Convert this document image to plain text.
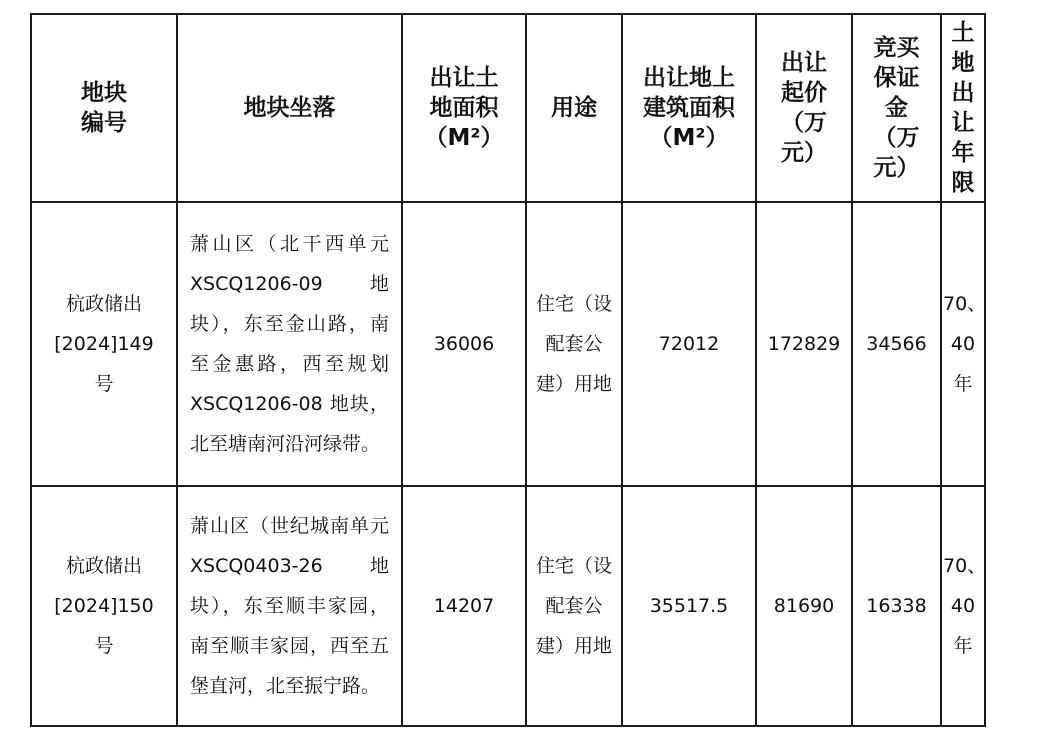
地块编号	地块坐落	出让土地面积（M²）	用途	出让地上建筑面积（M²）	出让起价（万元）	竞买保证金（万元）	土地出让年限

杭政储出[2024]149号	萧山区（北干西单元XSCQ1206-09 地块），东至金山路，南至金惠路，西至规划 XSCQ1206-08 地块，北至塘南河沿河绿带。	36006	住宅（设配套公建）用地	72012	172829	34566	70、40年

杭政储出[2024]150号	萧山区（世纪城南单元 XSCQ0403-26 地块），东至顺丰家园，南至顺丰家园，西至五堡直河，北至振宁路。	14207	住宅（设配套公建）用地	35517.5	81690	16338	70、40年
